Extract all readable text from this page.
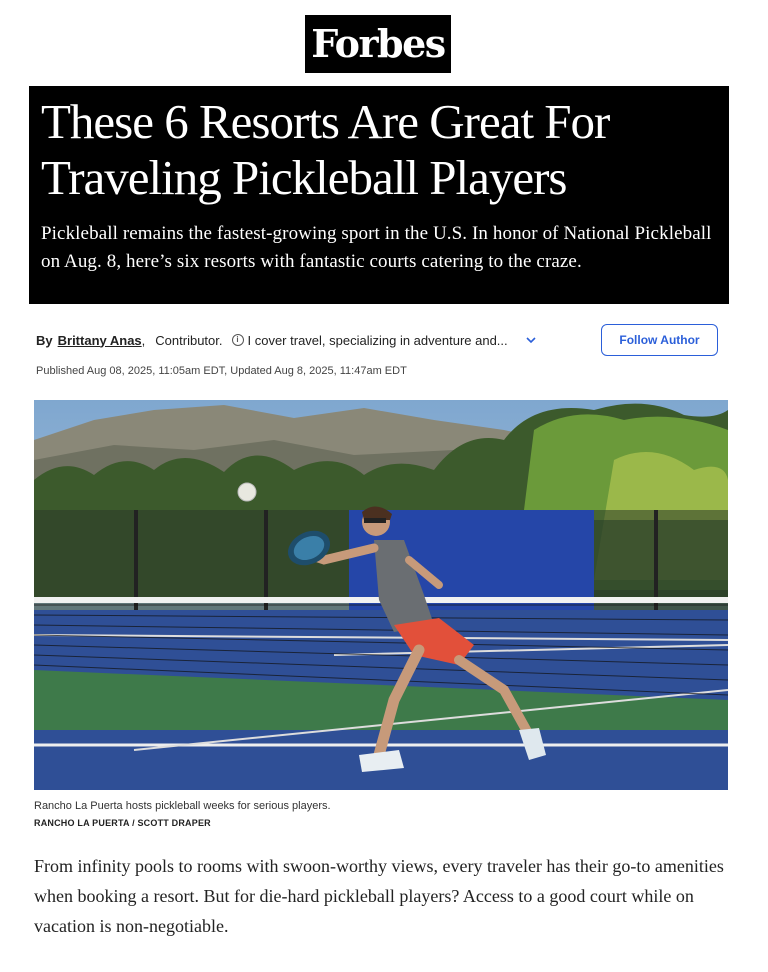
Forbes
These 6 Resorts Are Great For Traveling Pickleball Players

Pickleball remains the fastest-growing sport in the U.S. In honor of National Pickleball on Aug. 8, here’s six resorts with fantastic courts catering to the craze.

By Brittany Anas , Contributor.	i I cover travel, specializing in adventure and...	Follow Author
Published Aug 08, 2025, 11:05am EDT, Updated Aug 8, 2025, 11:47am EDT
Rancho La Puerta hosts pickleball weeks for serious players.
RANCHO LA PUERTA / SCOTT DRAPER

From infinity pools to rooms with swoon-worthy views, every traveler has their go-to amenities when booking a resort. But for die-hard pickleball players? Access to a good court while on vacation is non-negotiable.
